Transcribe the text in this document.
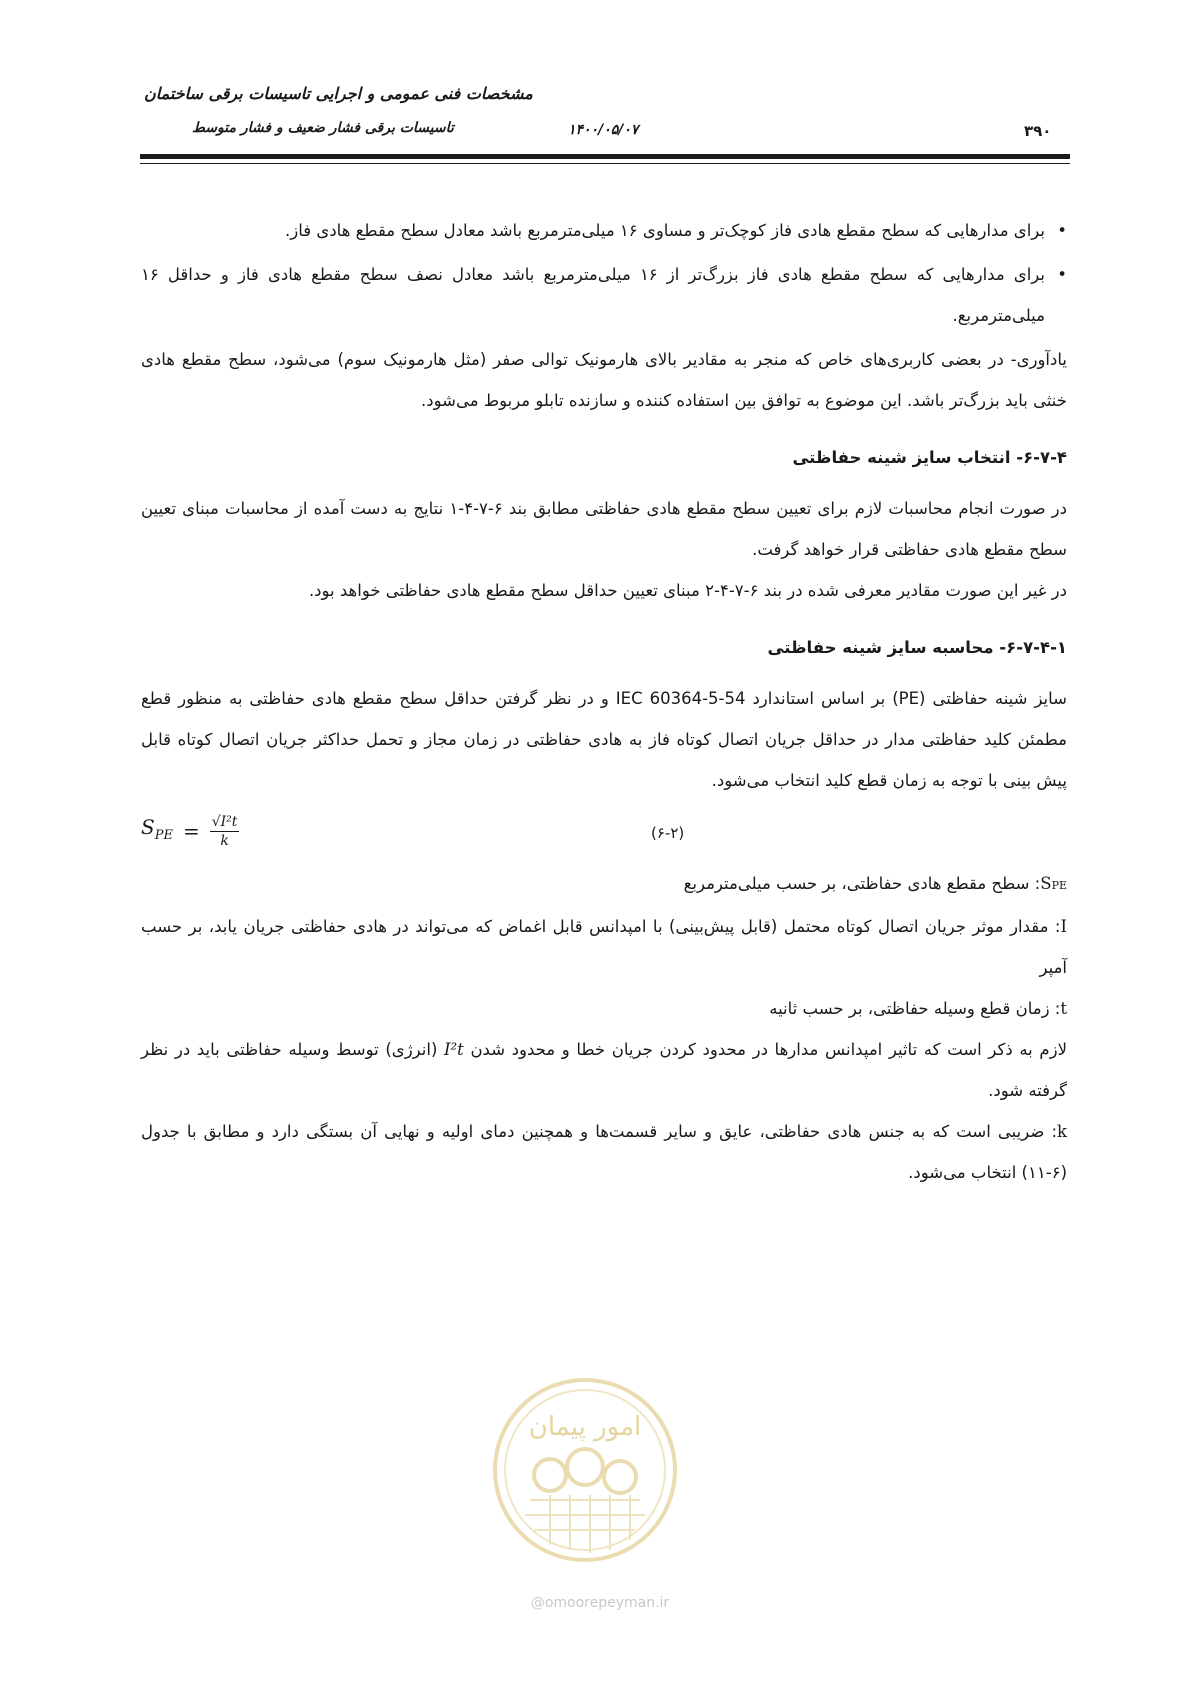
مشخصات فنی عمومی و اجرایی تاسیسات برقی ساختمان
تاسیسات برقی فشار ضعیف و فشار متوسط	۱۴۰۰/۰۵/۰۷	۳۹۰

•برای مدارهایی که سطح مقطع هادی فاز کوچک‌تر و مساوی ۱۶ میلی‌مترمربع باشد معادل سطح مقطع هادی فاز.

•برای مدارهایی که سطح مقطع هادی فاز بزرگ‌تر از ۱۶ میلی‌مترمربع باشد معادل نصف سطح مقطع هادی فاز و حداقل ۱۶ میلی‌مترمربع.

یادآوری- در بعضی کاربری‌های خاص که منجر به مقادیر بالای هارمونیک توالی صفر (مثل هارمونیک سوم) می‌شود، سطح مقطع هادی خنثی باید بزرگ‌تر باشد. این موضوع به توافق بین استفاده کننده و سازنده تابلو مربوط می‌شود.

۶-۷-۴- انتخاب سایز شینه حفاظتی

در صورت انجام محاسبات لازم برای تعیین سطح مقطع هادی حفاظتی مطابق بند ۶-۷-۴-۱ نتایج به دست آمده از محاسبات مبنای تعیین سطح مقطع هادی حفاظتی قرار خواهد گرفت.

در غیر این صورت مقادیر معرفی شده در بند ۶-۷-۴-۲ مبنای تعیین حداقل سطح مقطع هادی حفاظتی خواهد بود.

۶-۷-۴-۱- محاسبه سایز شینه حفاظتی

سایز شینه حفاظتی (PE) بر اساس استاندارد IEC 60364-5-54 و در نظر گرفتن حداقل سطح مقطع هادی حفاظتی به منظور قطع مطمئن کلید حفاظتی مدار در حداقل جریان اتصال کوتاه فاز به هادی حفاظتی در زمان مجاز و تحمل حداکثر جریان اتصال کوتاه قابل پیش بینی با توجه به زمان قطع کلید انتخاب می‌شود.

$S_{PE} = \frac{\text{√I²t}}{k}$	(۶-۲)

SPE: سطح مقطع هادی حفاظتی، بر حسب میلی‌مترمربع

I: مقدار موثر جریان اتصال کوتاه محتمل (قابل پیش‌بینی) با امپدانس قابل اغماض که می‌تواند در هادی حفاظتی جریان یابد، بر حسب آمپر

t: زمان قطع وسیله حفاظتی، بر حسب ثانیه

لازم به ذکر است که تاثیر امپدانس مدارها در محدود کردن جریان خطا و محدود شدن I²t (انرژی) توسط وسیله حفاظتی باید در نظر گرفته شود.

k: ضریبی است که به جنس هادی حفاظتی، عایق و سایر قسمت‌ها و همچنین دمای اولیه و نهایی آن بستگی دارد و مطابق با جدول (۶-۱۱) انتخاب می‌شود.

امور پیمان
@omoorepeyman.ir
